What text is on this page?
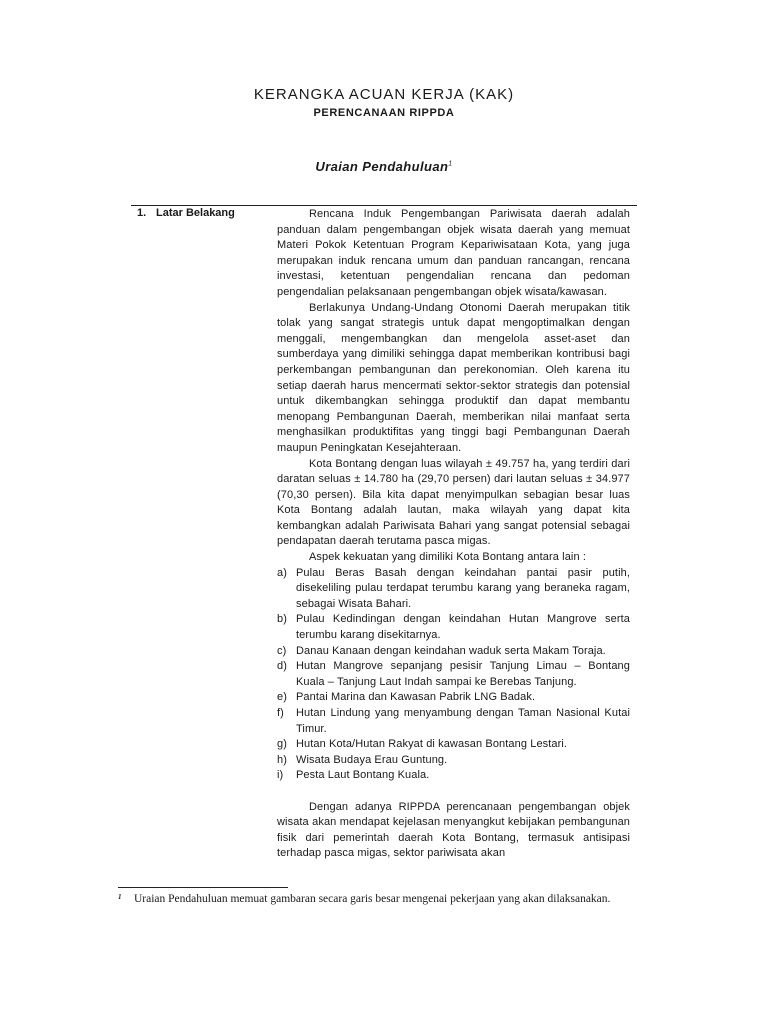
KERANGKA ACUAN KERJA (KAK)
PERENCANAAN RIPPDA
Uraian Pendahuluan$^1$
1. Latar Belakang	Rencana Induk Pengembangan Pariwisata daerah adalah panduan dalam pengembangan objek wisata daerah yang memuat Materi Pokok Ketentuan Program Kepariwisataan Kota, yang juga merupakan induk rencana umum dan panduan rancangan, rencana investasi, ketentuan pengendalian rencana dan pedoman pengendalian pelaksanaan pengembangan objek wisata/kawasan.

Berlakunya Undang-Undang Otonomi Daerah merupakan titik tolak yang sangat strategis untuk dapat mengoptimalkan dengan menggali, mengembangkan dan mengelola asset-aset dan sumberdaya yang dimiliki sehingga dapat memberikan kontribusi bagi perkembangan pembangunan dan perekonomian. Oleh karena itu setiap daerah harus mencermati sektor-sektor strategis dan potensial untuk dikembangkan sehingga produktif dan dapat membantu menopang Pembangunan Daerah, memberikan nilai manfaat serta menghasilkan produktifitas yang tinggi bagi Pembangunan Daerah maupun Peningkatan Kesejahteraan.

Kota Bontang dengan luas wilayah ± 49.757 ha, yang terdiri dari daratan seluas ± 14.780 ha (29,70 persen) dari lautan seluas ± 34.977 (70,30 persen). Bila kita dapat menyimpulkan sebagian besar luas Kota Bontang adalah lautan, maka wilayah yang dapat kita kembangkan adalah Pariwisata Bahari yang sangat potensial sebagai pendapatan daerah terutama pasca migas.

Aspek kekuatan yang dimiliki Kota Bontang antara lain :

a) Pulau Beras Basah dengan keindahan pantai pasir putih, disekeliling pulau terdapat terumbu karang yang beraneka ragam, sebagai Wisata Bahari.
b) Pulau Kedindingan dengan keindahan Hutan Mangrove serta terumbu karang disekitarnya.
c) Danau Kanaan dengan keindahan waduk serta Makam Toraja.
d) Hutan Mangrove sepanjang pesisir Tanjung Limau – Bontang Kuala – Tanjung Laut Indah sampai ke Berebas Tanjung.
e) Pantai Marina dan Kawasan Pabrik LNG Badak.
f) Hutan Lindung yang menyambung dengan Taman Nasional Kutai Timur.
g) Hutan Kota/Hutan Rakyat di kawasan Bontang Lestari.
h) Wisata Budaya Erau Guntung.
i) Pesta Laut Bontang Kuala.

Dengan adanya RIPPDA perencanaan pengembangan objek wisata akan mendapat kejelasan menyangkut kebijakan pembangunan fisik dari pemerintah daerah Kota Bontang, termasuk antisipasi terhadap pasca migas, sektor pariwisata akan

1 Uraian Pendahuluan memuat gambaran secara garis besar mengenai pekerjaan yang akan dilaksanakan.
